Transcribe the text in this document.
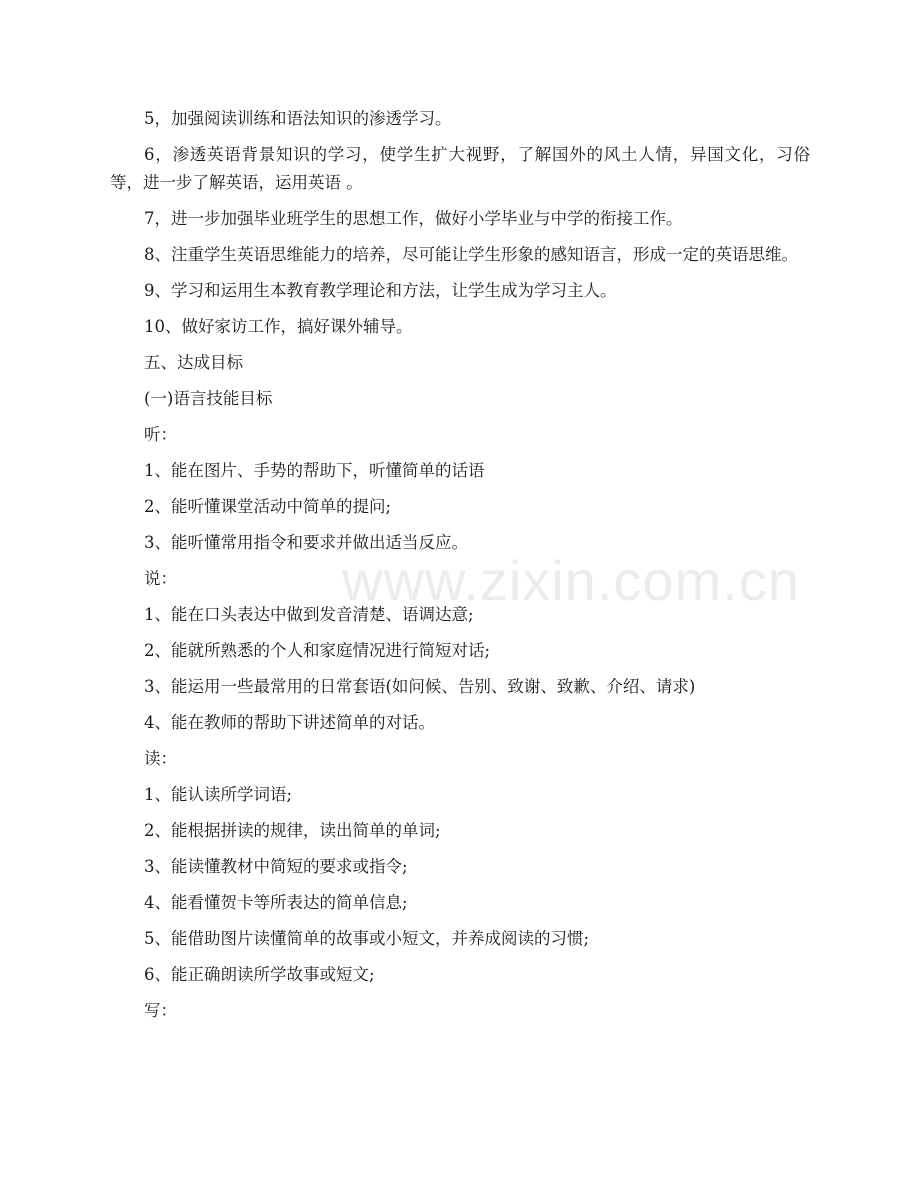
www.zixin.com.cn

5，加强阅读训练和语法知识的渗透学习。

6，渗透英语背景知识的学习，使学生扩大视野，了解国外的风土人情，异国文化，习俗等，进一步了解英语，运用英语 。

7，进一步加强毕业班学生的思想工作，做好小学毕业与中学的衔接工作。

8、注重学生英语思维能力的培养，尽可能让学生形象的感知语言，形成一定的英语思维。

9、学习和运用生本教育教学理论和方法，让学生成为学习主人。

10、做好家访工作，搞好课外辅导。

五、达成目标

(一)语言技能目标

听：

1、能在图片、手势的帮助下，听懂简单的话语

2、能听懂课堂活动中简单的提问;

3、能听懂常用指令和要求并做出适当反应。

说：

1、能在口头表达中做到发音清楚、语调达意;

2、能就所熟悉的个人和家庭情况进行简短对话;

3、能运用一些最常用的日常套语(如问候、告别、致谢、致歉、介绍、请求)

4、能在教师的帮助下讲述简单的对话。

读：

1、能认读所学词语;

2、能根据拼读的规律，读出简单的单词;

3、能读懂教材中简短的要求或指令;

4、能看懂贺卡等所表达的简单信息;

5、能借助图片读懂简单的故事或小短文，并养成阅读的习惯;

6、能正确朗读所学故事或短文;

写：
